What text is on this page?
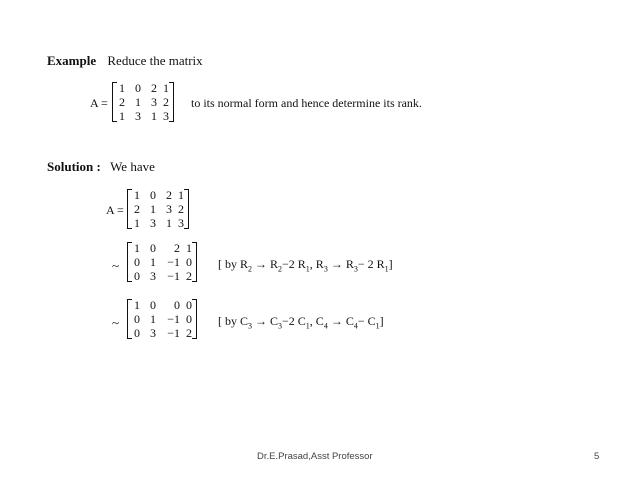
Example Reduce the matrix
A =
1 0 2 1
2 1 3 2
1 3 1 3
to its normal form and hence determine its rank.
Solution : We have
A =
1 0 2 1
2 1 3 2
1 3 1 3
~
1 0	2 1
0 1 −1 0
0 3 −1 2
[ by $R_2 \to R_2-2$ $R_1$, $R_3 \to R_3- 2$ $R_1$]
~
1 0	0 0
0 1 −1 0
0 3 −1 2
[ by $C_3 \to C_3-2$ $C_1$, $C_4 \to C_4- C_1$]
Dr.E.Prasad,Asst Professor	5
